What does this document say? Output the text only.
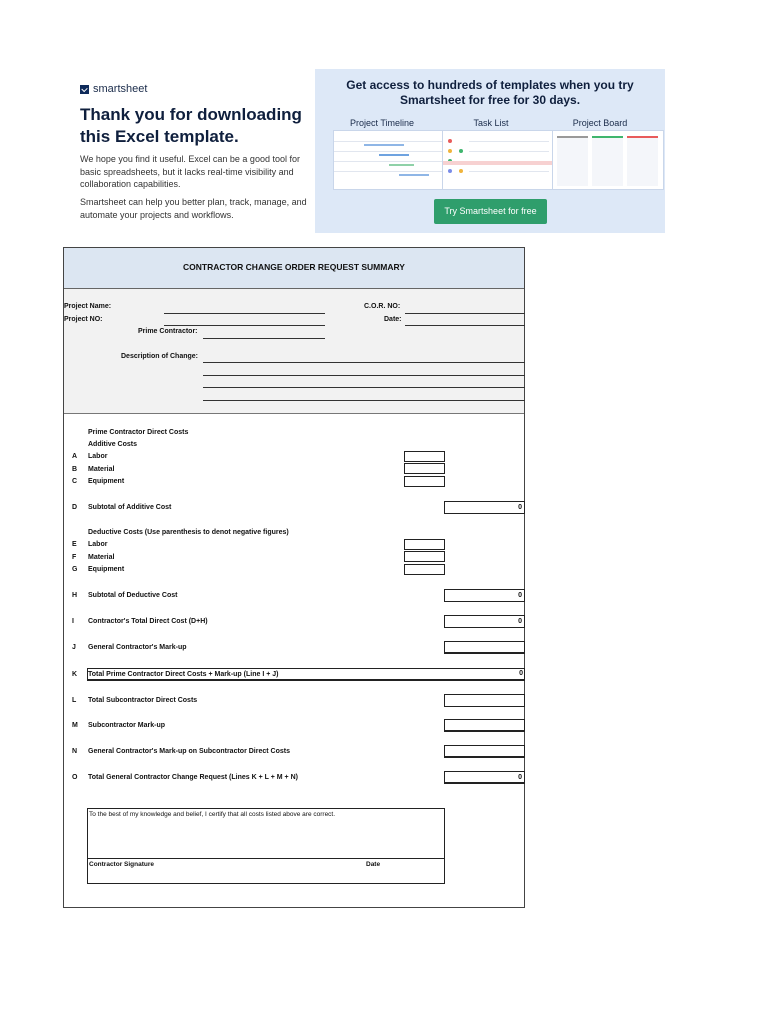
smartsheet
Thank you for downloading this Excel template.
We hope you find it useful. Excel can be a good tool for basic spreadsheets, but it lacks real-time visibility and collaboration capabilities.
Smartsheet can help you better plan, track, manage, and automate your projects and workflows.
Get access to hundreds of templates when you try Smartsheet for free for 30 days.
Project Timeline	Task List	Project Board
Try Smartsheet for free
CONTRACTOR CHANGE ORDER REQUEST SUMMARY
Project Name:
Project NO:
Prime Contractor:
C.O.R. NO:
Date:
Description of Change:
Prime Contractor Direct Costs
Additive Costs
A Labor
B Material
C Equipment
D Subtotal of Additive Cost	0
Deductive Costs (Use parenthesis to denot negative figures)
E Labor
F Material
G Equipment
H Subtotal of Deductive Cost	0
I Contractor's Total Direct Cost (D+H)	0
J General Contractor's Mark-up
K Total Prime Contractor Direct Costs + Mark-up (Line I + J)	0
L Total Subcontractor Direct Costs
M Subcontractor Mark-up
N General Contractor's Mark-up on Subcontractor Direct Costs
O Total General Contractor Change Request (Lines K + L + M + N)	0
To the best of my knowledge and belief, I certify that all costs listed above are correct.
Contractor Signature	Date
